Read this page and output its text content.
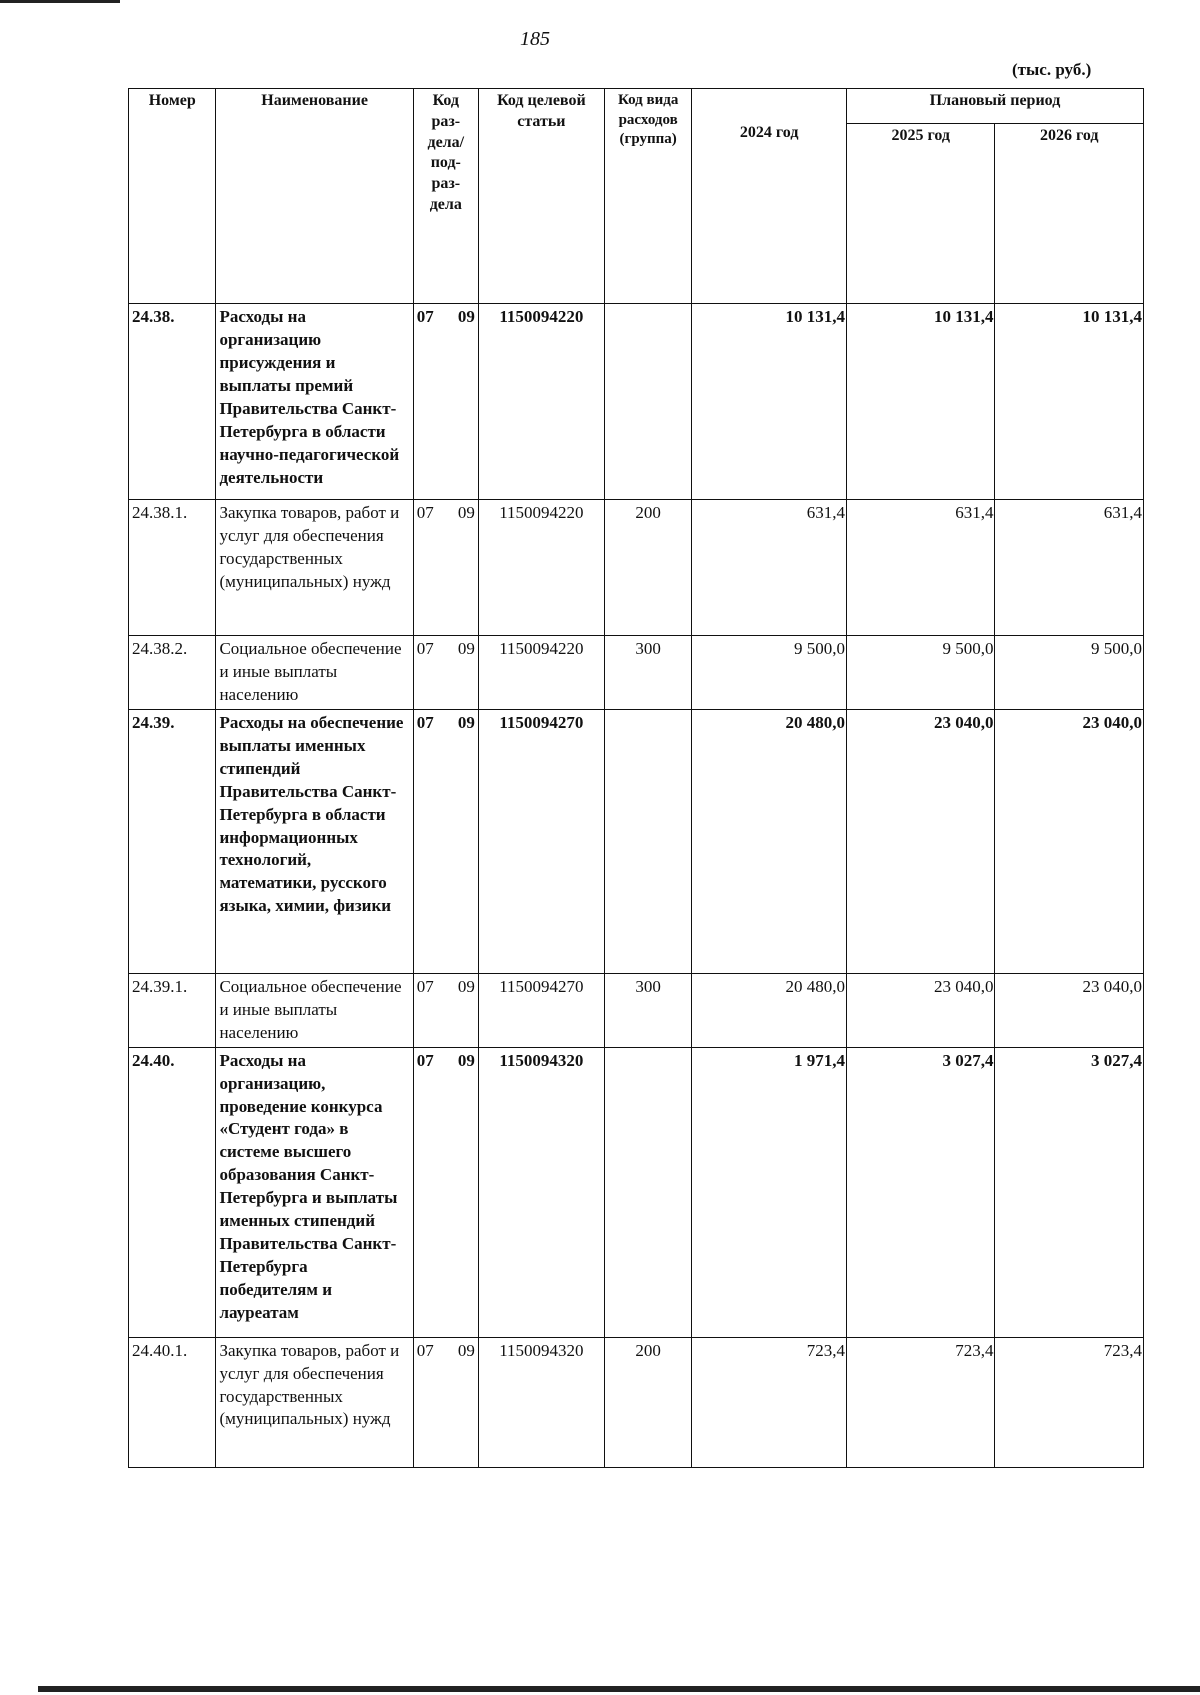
185
(тыс. руб.)
Номер	Наименование	Код раз-дела/ под-раз-дела	Код целевой статьи	Код вида расходов (группа)	2024 год	Плановый период	
						2025 год	2026 год
24.38.	Расходы на организацию присуждения и выплаты премий Правительства Санкт-Петербурга в области научно-педагогической деятельности	07 09	1150094220		10 131,4	10 131,4	10 131,4
24.38.1.	Закупка товаров, работ и услуг для обеспечения государственных (муниципальных) нужд	07 09	1150094220	200	631,4	631,4	631,4
24.38.2.	Социальное обеспечение и иные выплаты населению	07 09	1150094220	300	9 500,0	9 500,0	9 500,0
24.39.	Расходы на обеспечение выплаты именных стипендий Правительства Санкт-Петербурга в области информационных технологий, математики, русского языка, химии, физики	07 09	1150094270		20 480,0	23 040,0	23 040,0
24.39.1.	Социальное обеспечение и иные выплаты населению	07 09	1150094270	300	20 480,0	23 040,0	23 040,0
24.40.	Расходы на организацию, проведение конкурса «Студент года» в системе высшего образования Санкт-Петербурга и выплаты именных стипендий Правительства Санкт-Петербурга победителям и лауреатам	07 09	1150094320		1 971,4	3 027,4	3 027,4
24.40.1.	Закупка товаров, работ и услуг для обеспечения государственных (муниципальных) нужд	07 09	1150094320	200	723,4	723,4	723,4
